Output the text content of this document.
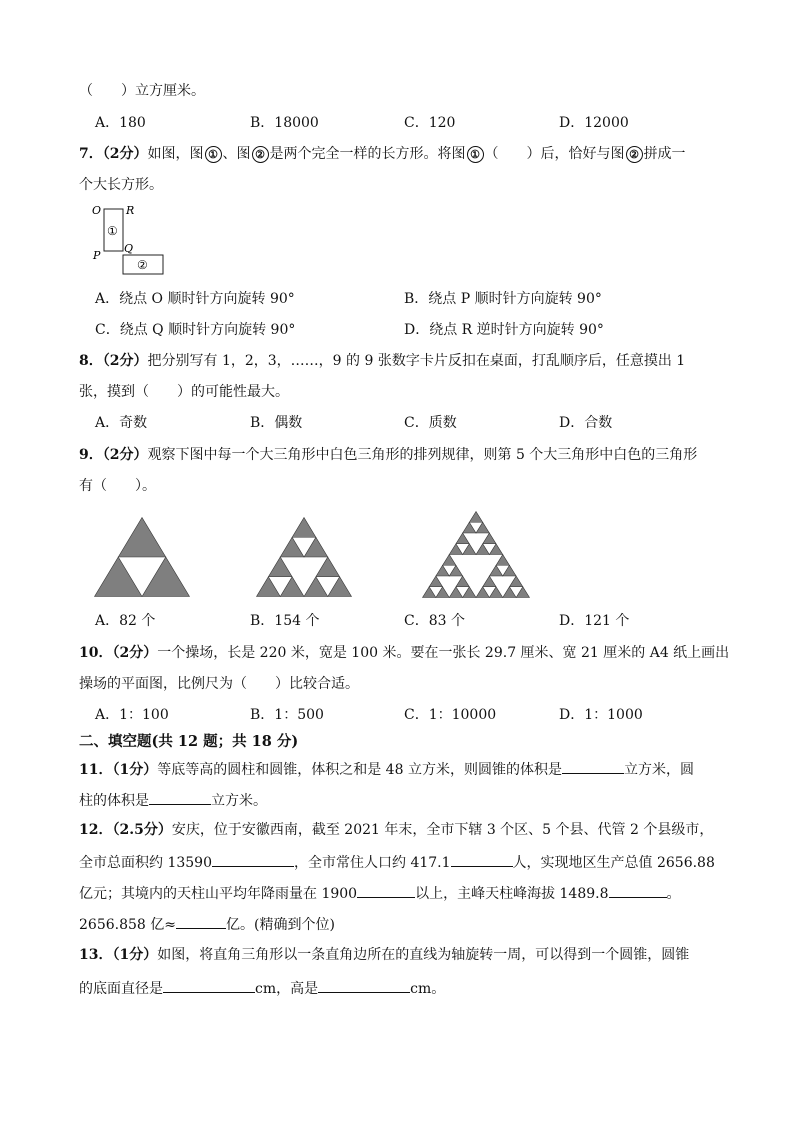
（　　）立方厘米。
A．180	B．18000	C．120	D．12000
7．（2分）如图，图 ① 、图 ② 是两个完全一样的长方形。将图 ① （　　）后，恰好与图 ② 拼成一
个大长方形。
O R
P
Q
①
②
A．绕点 O 顺时针方向旋转 90°	B．绕点 P 顺时针方向旋转 90°
C．绕点 Q 顺时针方向旋转 90°	D．绕点 R 逆时针方向旋转 90°
8．（2分）把分别写有 1，2，3，……，9 的 9 张数字卡片反扣在桌面，打乱顺序后，任意摸出 1
张，摸到（　　）的可能性最大。
A．奇数	B．偶数	C．质数	D．合数
9．（2分）观察下图中每一个大三角形中白色三角形的排列规律，则第 5 个大三角形中白色的三角形
有（　　）。
A．82 个	B．154 个	C．83 个	D．121 个
10．（2分）一个操场，长是 220 米，宽是 100 米。要在一张长 29.7 厘米、宽 21 厘米的 A4 纸上画出
操场的平面图，比例尺为（　　）比较合适。
A．1：100	B．1：500	C．1：10000	D．1：1000
二、填空题(共 12 题；共 18 分)
11．（1分）等底等高的圆柱和圆锥，体积之和是 48 立方米，则圆锥的体积是	立方米，圆
柱的体积是	立方米。
12．（2.5分）安庆，位于安徽西南，截至 2021 年末，全市下辖 3 个区、5 个县、代管 2 个县级市，
全市总面积约 13590	，全市常住人口约 417.1	人，实现地区生产总值 2656.88
亿元；其境内的天柱山平均年降雨量在 1900	以上，主峰天柱峰海拔 1489.8	。
2656.858 亿≈	亿。(精确到个位)
13．（1分）如图，将直角三角形以一条直角边所在的直线为轴旋转一周，可以得到一个圆锥，圆锥
的底面直径是	cm，高是	cm。
